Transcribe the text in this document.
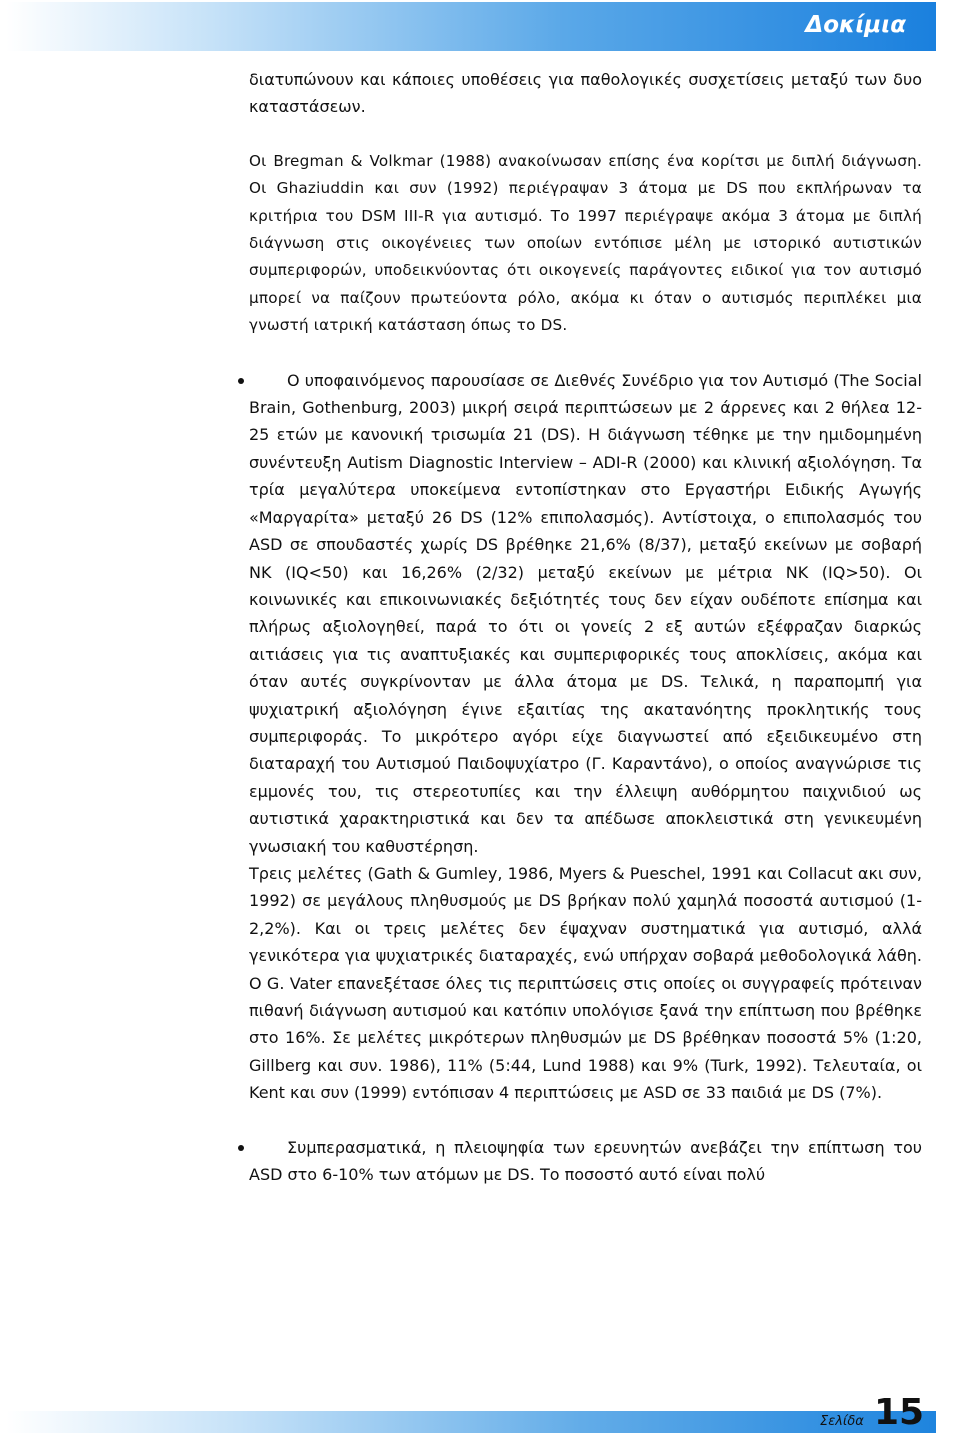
Δοκίμια

διατυπώνουν και κάποιες υποθέσεις για παθολογικές συσχετίσεις μεταξύ των δυο καταστάσεων.

Οι Bregman & Volkmar (1988) ανακοίνωσαν επίσης ένα κορίτσι με διπλή διάγνωση. Οι Ghaziuddin και συν (1992) περιέγραψαν 3 άτομα με DS που εκπλήρωναν τα κριτήρια του DSM III-R για αυτισμό. Το 1997 περιέγραψε ακόμα 3 άτομα με διπλή διάγνωση στις οικογένειες των οποίων εντόπισε μέλη με ιστορικό αυτιστικών συμπεριφορών, υποδεικνύοντας ότι οικογενείς παράγοντες ειδικοί για τον αυτισμό μπορεί να παίζουν πρωτεύοντα ρόλο, ακόμα κι όταν ο αυτισμός περιπλέκει μια γνωστή ιατρική κατάσταση όπως το DS.

Ο υποφαινόμενος παρουσίασε σε Διεθνές Συνέδριο για τον Αυτισμό (The Social Brain, Gothenburg, 2003) μικρή σειρά περιπτώσεων με 2 άρρενες και 2 θήλεα 12-25 ετών με κανονική τρισωμία 21 (DS). Η διάγνωση τέθηκε με την ημιδομημένη συνέντευξη Autism Diagnostic Interview – ADI-R (2000) και κλινική αξιολόγηση. Τα τρία μεγαλύτερα υποκείμενα εντοπίστηκαν στο Εργαστήρι Ειδικής Αγωγής «Μαργαρίτα» μεταξύ 26 DS (12% επιπολασμός). Αντίστοιχα, ο επιπολασμός του ASD σε σπουδαστές χωρίς DS βρέθηκε 21,6% (8/37), μεταξύ εκείνων με σοβαρή ΝΚ (IQ<50) και 16,26% (2/32) μεταξύ εκείνων με μέτρια ΝΚ (IQ>50). Οι κοινωνικές και επικοινωνιακές δεξιότητές τους δεν είχαν ουδέποτε επίσημα και πλήρως αξιολογηθεί, παρά το ότι οι γονείς 2 εξ αυτών εξέφραζαν διαρκώς αιτιάσεις για τις αναπτυξιακές και συμπεριφορικές τους αποκλίσεις, ακόμα και όταν αυτές συγκρίνονταν με άλλα άτομα με DS. Τελικά, η παραπομπή για ψυχιατρική αξιολόγηση έγινε εξαιτίας της ακατανόητης προκλητικής τους συμπεριφοράς. Το μικρότερο αγόρι είχε διαγνωστεί από εξειδικευμένο στη διαταραχή του Αυτισμού Παιδοψυχίατρο (Γ. Καραντάνο), ο οποίος αναγνώρισε τις εμμονές του, τις στερεοτυπίες και την έλλειψη αυθόρμητου παιχνιδιού ως αυτιστικά χαρακτηριστικά και δεν τα απέδωσε αποκλειστικά στη γενικευμένη γνωσιακή του καθυστέρηση.

Τρεις μελέτες (Gath & Gumley, 1986, Myers & Pueschel, 1991 και Collacut ακι συν, 1992) σε μεγάλους πληθυσμούς με DS βρήκαν πολύ χαμηλά ποσοστά αυτισμού (1-2,2%). Και οι τρεις μελέτες δεν έψαχναν συστηματικά για αυτισμό, αλλά γενικότερα για ψυχιατρικές διαταραχές, ενώ υπήρχαν σοβαρά μεθοδολογικά λάθη. Ο G. Vater επανεξέτασε όλες τις περιπτώσεις στις οποίες οι συγγραφείς πρότειναν πιθανή διάγνωση αυτισμού και κατόπιν υπολόγισε ξανά την επίπτωση που βρέθηκε στο 16%. Σε μελέτες μικρότερων πληθυσμών με DS βρέθηκαν ποσοστά 5% (1:20, Gillberg και συν. 1986), 11% (5:44, Lund 1988) και 9% (Turk, 1992). Τελευταία, οι Kent και συν (1999) εντόπισαν 4 περιπτώσεις με ASD σε 33 παιδιά με DS (7%).

Συμπερασματικά, η πλειοψηφία των ερευνητών ανεβάζει την επίπτωση του ASD στο 6-10% των ατόμων με DS. Το ποσοστό αυτό είναι πολύ

Σελίδα 15
